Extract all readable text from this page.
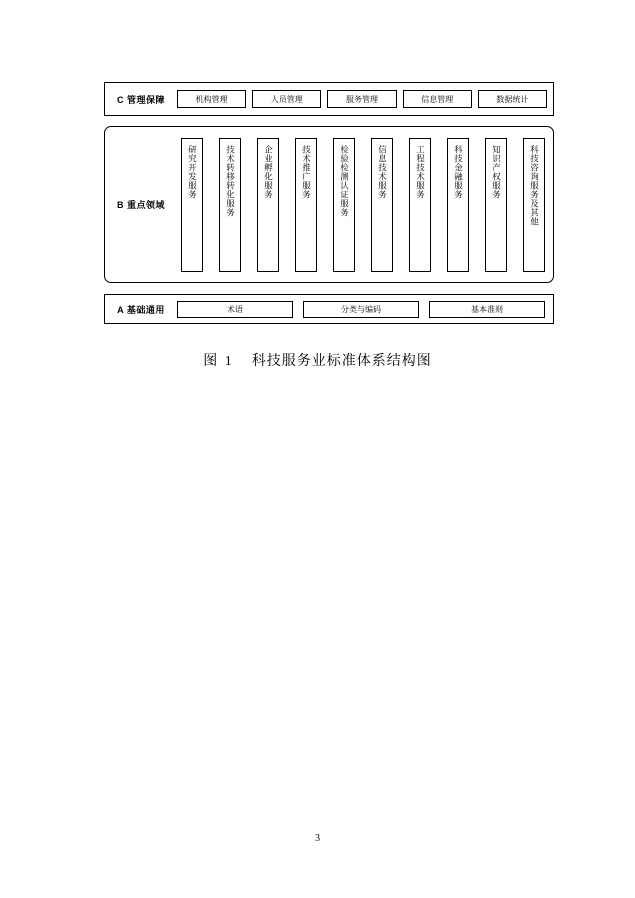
C 管理保障	机构管理	人员管理	服务管理	信息管理	数据统计
B 重点领域
研究开发服务	技术转移转化服务	企业孵化服务	技术推广服务	检验检测认证服务	信息技术服务	工程技术服务	科技金融服务	知识产权服务	科技咨询服务及其他
A 基础通用	术语	分类与编码	基本准则
图 1 科技服务业标准体系结构图
3
